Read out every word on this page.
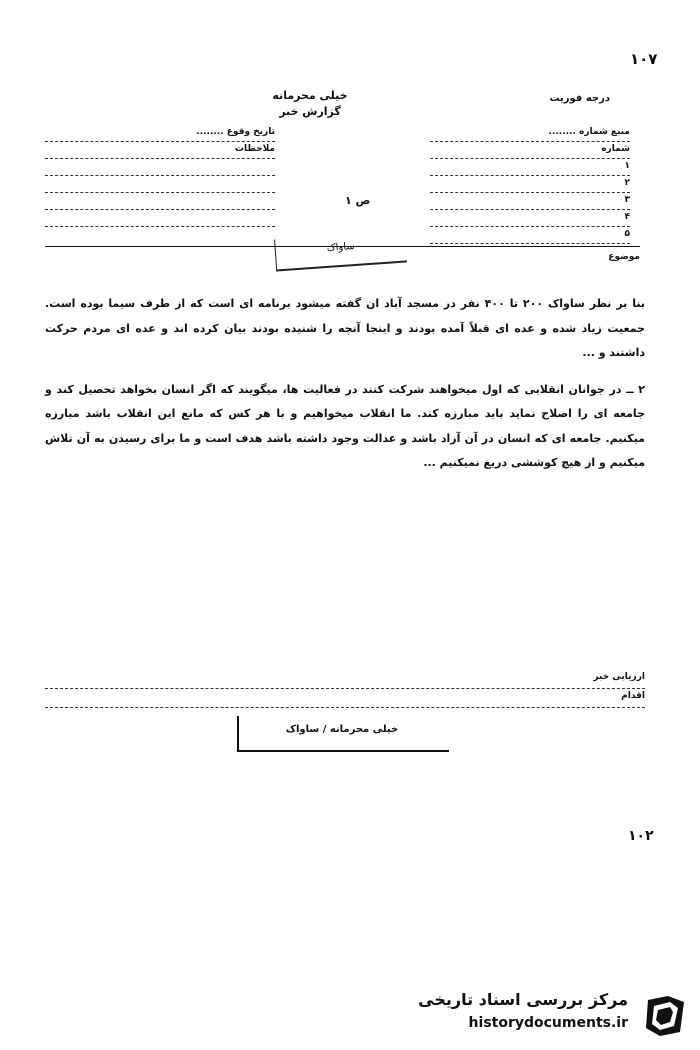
۱۰۷
خیلی محرمانه
گزارش خبر
درجه فوریت
منبع شماره ........
شماره
۱
۲
۳
۴
۵
تاریخ وقوع ........
ملاحظات
ص ۱
ساواک
موضوع

بنا بر نظر ساواک ۲۰۰ تا ۴۰۰ نفر در مسجد آباد ان گفته میشود برنامه ای است که از طرف سیما بوده است. جمعیت زیاد شده و عده ای قبلاً آمده بودند و اینجا آنچه را شنیده بودند بیان کرده اند و عده ای مردم حرکت داشتند و ...

۲ ــ در جوانان انقلابی که اول میخواهند شرکت کنند در فعالیت ها، میگویند که اگر انسان بخواهد تحصیل کند و جامعه ای را اصلاح نماید باید مبارزه کند. ما انقلاب میخواهیم و با هر کس که مانع این انقلاب باشد مبارزه میکنیم. جامعه ای که انسان در آن آزاد باشد و عدالت وجود داشته باشد هدف است و ما برای رسیدن به آن تلاش میکنیم و از هیچ کوششی دریغ نمیکنیم ...

ارزیابی خبر
اقدام
خیلی محرمانه / ساواک
۱۰۲
مرکز بررسی اسناد تاریخی
historydocuments.ir
